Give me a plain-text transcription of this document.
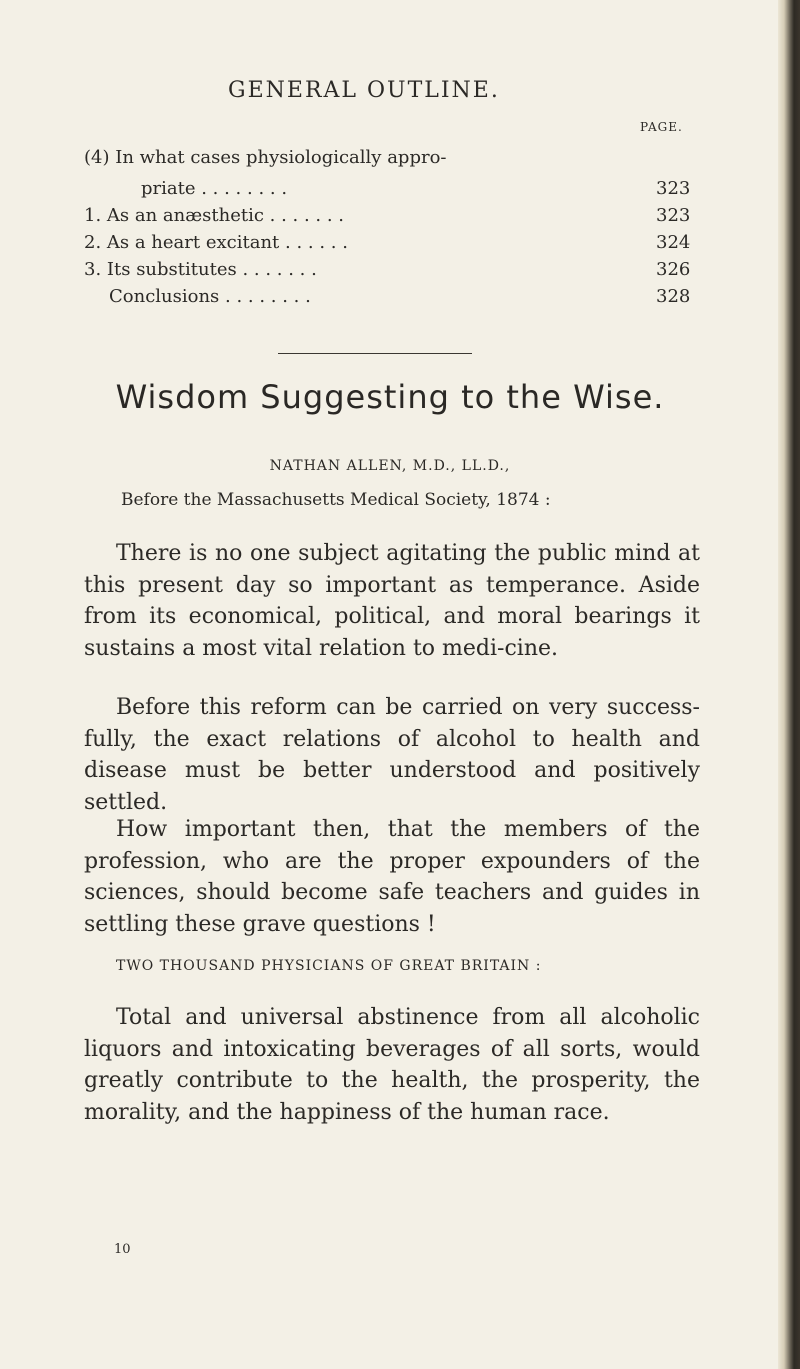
GENERAL OUTLINE.
PAGE.
(4) In what cases physiologically appro-
priate . . . . . . . .	323
1. As an anæsthetic . . . . . . .	323
2. As a heart excitant . . . . . .	324
3. Its substitutes . . . . . . .	326
Conclusions . . . . . . . .	328
Wisdom Suggesting to the Wise.
NATHAN ALLEN, M.D., LL.D.,
Before the Massachusetts Medical Society, 1874 :

There is no one subject agitating the public mind at this present day so important as temperance. Aside from its economical, political, and moral bearings it sustains a most vital relation to medi-cine.

Before this reform can be carried on very success-fully, the exact relations of alcohol to health and disease must be better understood and positively settled.

How important then, that the members of the profession, who are the proper expounders of the sciences, should become safe teachers and guides in settling these grave questions !

TWO THOUSAND PHYSICIANS OF GREAT BRITAIN :

Total and universal abstinence from all alcoholic liquors and intoxicating beverages of all sorts, would greatly contribute to the health, the prosperity, the morality, and the happiness of the human race.

10
